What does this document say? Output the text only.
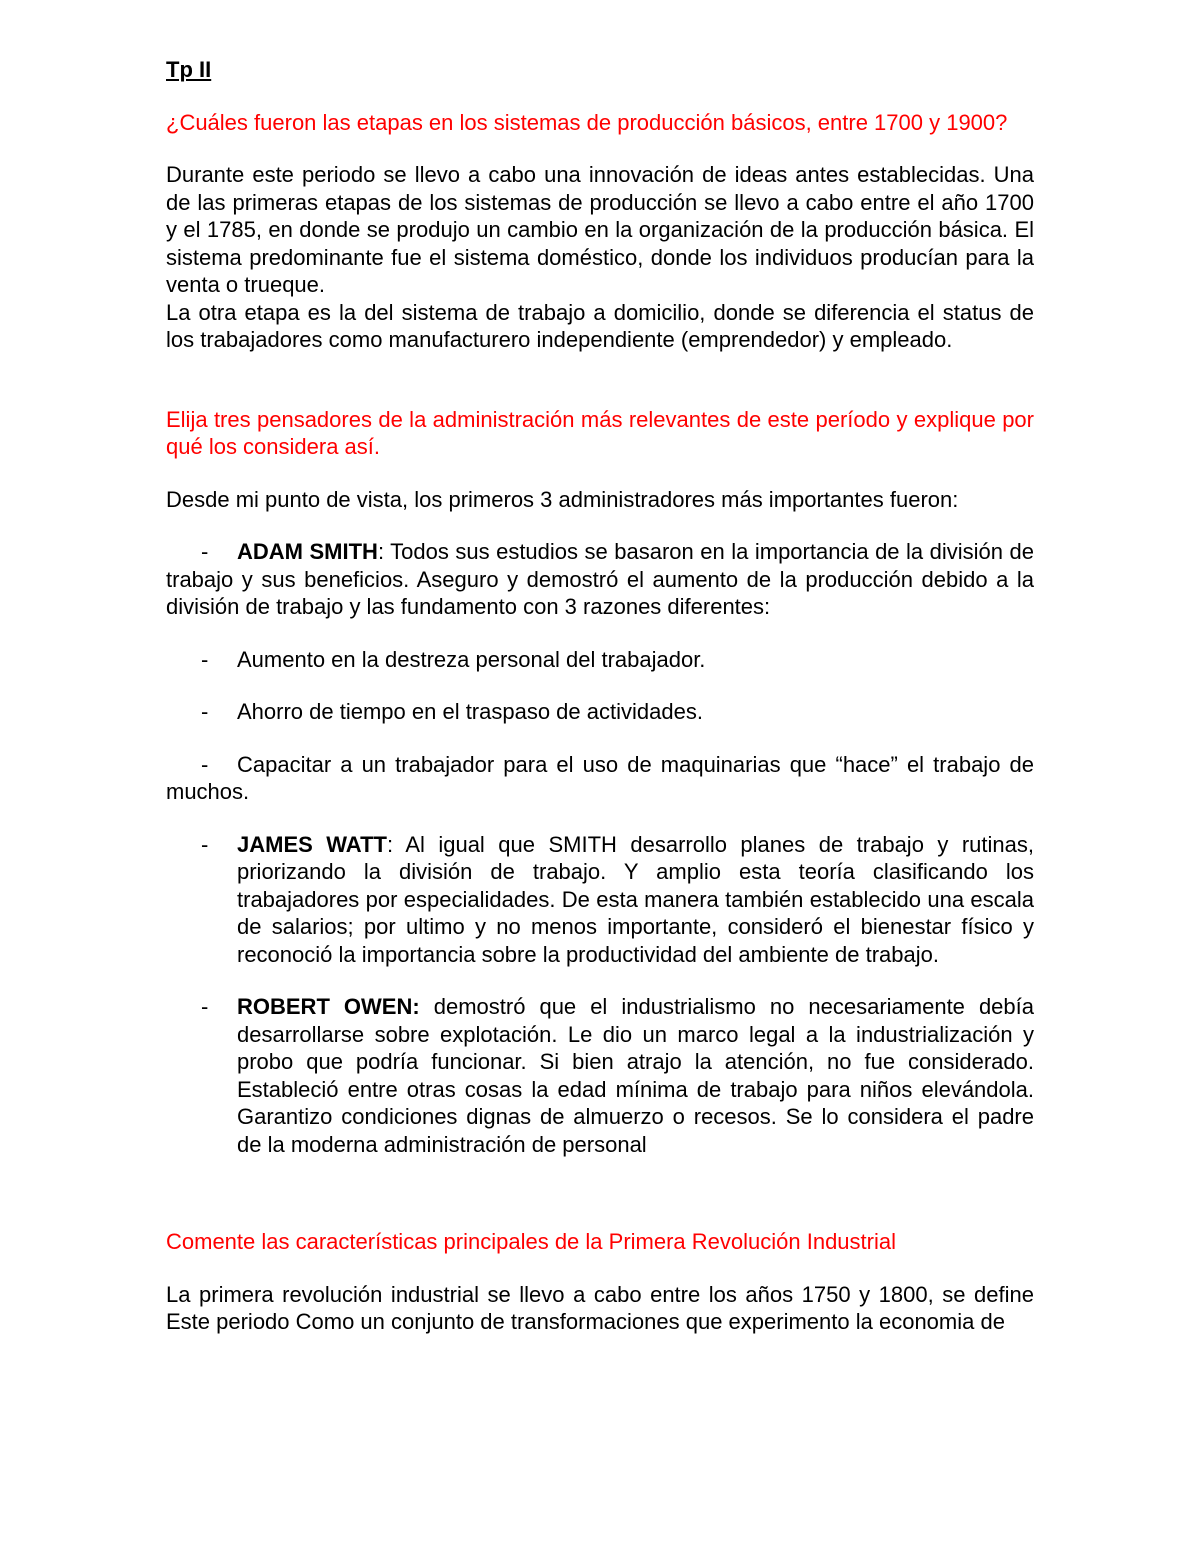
Tp II

¿Cuáles fueron las etapas en los sistemas de producción básicos, entre 1700 y 1900?

Durante este periodo se llevo a cabo una innovación de ideas antes establecidas. Una de las primeras etapas de los sistemas de producción se llevo a cabo entre el año 1700 y el 1785, en donde se produjo un cambio en la organización de la producción básica. El sistema predominante fue el sistema doméstico, donde los individuos producían para la venta o trueque.

La otra etapa es la del sistema de trabajo a domicilio, donde se diferencia el status de los trabajadores como manufacturero independiente (emprendedor) y empleado.

Elija tres pensadores de la administración más relevantes de este período y explique por qué los considera así.

Desde mi punto de vista, los primeros 3 administradores más importantes fueron:

- ADAM SMITH: Todos sus estudios se basaron en la importancia de la división de trabajo y sus beneficios. Aseguro y demostró el aumento de la producción debido a la división de trabajo y las fundamento con 3 razones diferentes:

- Aumento en la destreza personal del trabajador.

- Ahorro de tiempo en el traspaso de actividades.

- Capacitar a un trabajador para el uso de maquinarias que “hace” el trabajo de muchos.

- JAMES WATT: Al igual que SMITH desarrollo planes de trabajo y rutinas, priorizando la división de trabajo. Y amplio esta teoría clasificando los trabajadores por especialidades. De esta manera también establecido una escala de salarios; por ultimo y no menos importante, consideró el bienestar físico y reconoció la importancia sobre la productividad del ambiente de trabajo.

- ROBERT OWEN: demostró que el industrialismo no necesariamente debía desarrollarse sobre explotación. Le dio un marco legal a la industrialización y probo que podría funcionar. Si bien atrajo la atención, no fue considerado. Estableció entre otras cosas la edad mínima de trabajo para niños elevándola. Garantizo condiciones dignas de almuerzo o recesos. Se lo considera el padre de la moderna administración de personal

Comente las características principales de la Primera Revolución Industrial

La primera revolución industrial se llevo a cabo entre los años 1750 y 1800, se define Este periodo Como un conjunto de transformaciones que experimento la economia de
